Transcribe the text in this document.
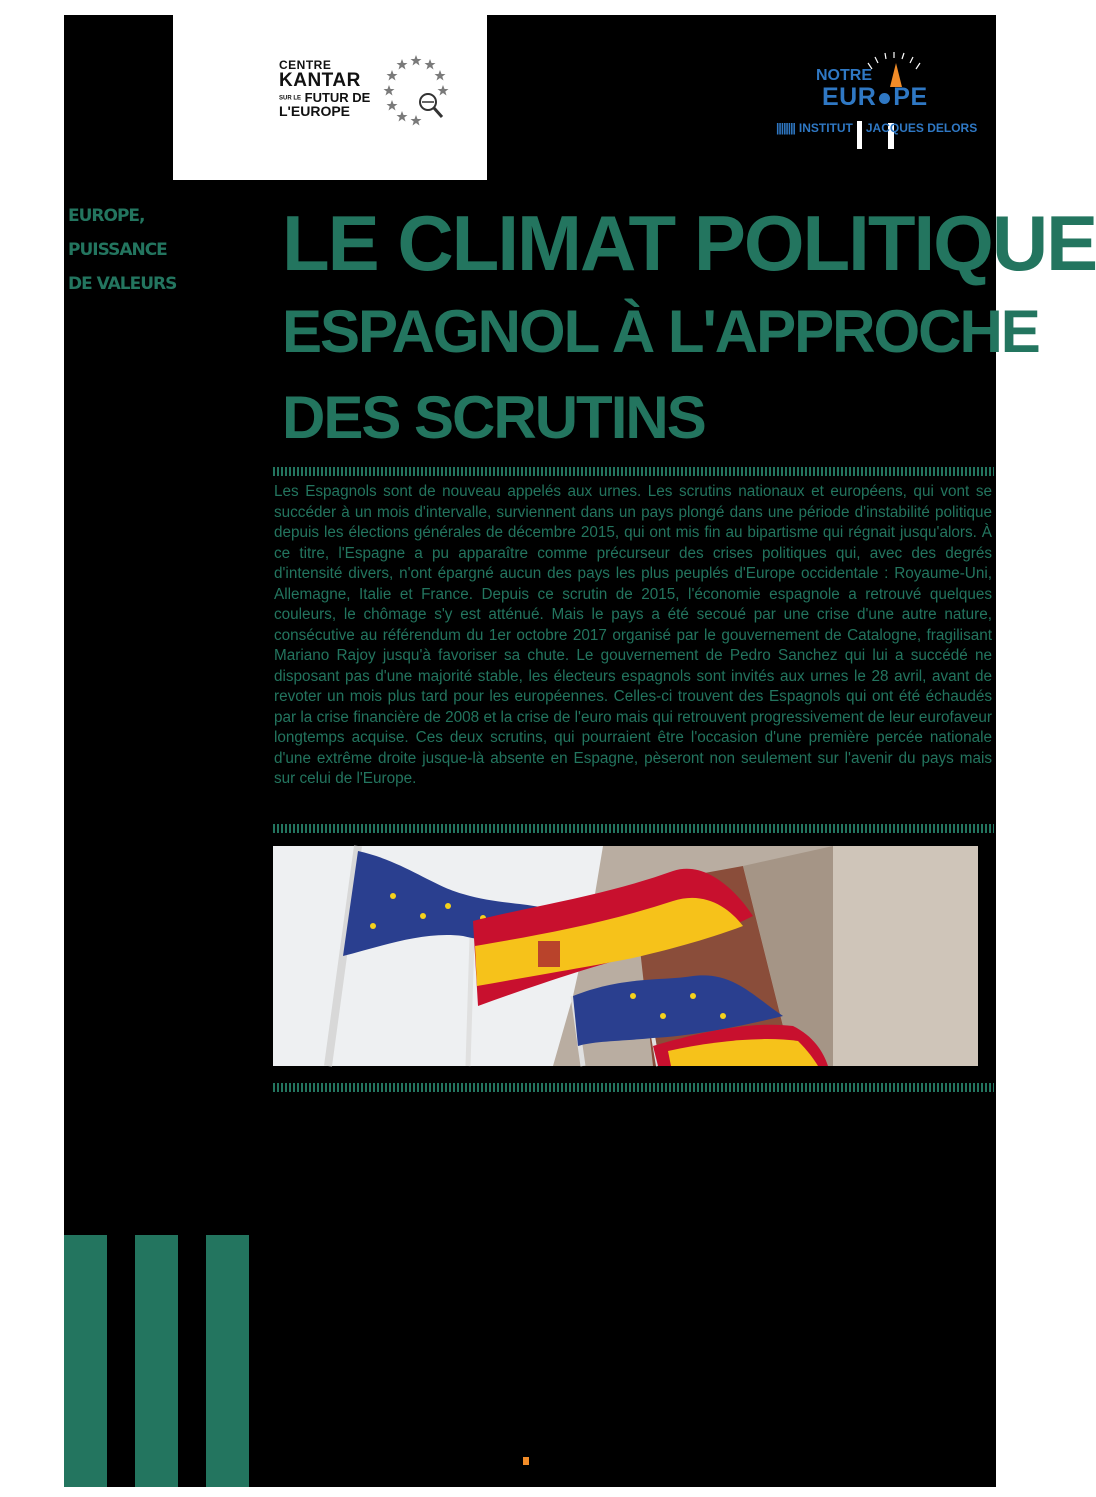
CENTRE
KANTAR
SUR LE FUTUR DE
L'EUROPE
NOTRE
EUR PE
|||||||| INSTITUT JACQUES DELORS
EUROPE, PUISSANCE
DE VALEURS	LE CLIMAT POLITIQUE
ESPAGNOL À L'APPROCHE
DES SCRUTINS
Les Espagnols sont de nouveau appelés aux urnes. Les scrutins nationaux et européens, qui vont se succéder à un mois d'intervalle, surviennent dans un pays plongé dans une période d'instabilité politique depuis les élections générales de décembre 2015, qui ont mis fin au bipartisme qui régnait jusqu'alors. À ce titre, l'Espagne a pu apparaître comme précurseur des crises politiques qui, avec des degrés d'intensité divers, n'ont épargné aucun des pays les plus peuplés d'Europe occidentale : Royaume-Uni, Allemagne, Italie et France. Depuis ce scrutin de 2015, l'économie espagnole a retrouvé quelques couleurs, le chômage s'y est atténué. Mais le pays a été secoué par une crise d'une autre nature, consécutive au référendum du 1er octobre 2017 organisé par le gouvernement de Catalogne, fragilisant Mariano Rajoy jusqu'à favoriser sa chute. Le gouvernement de Pedro Sanchez qui lui a succédé ne disposant pas d'une majorité stable, les électeurs espagnols sont invités aux urnes le 28 avril, avant de revoter un mois plus tard pour les européennes. Celles-ci trouvent des Espagnols qui ont été échaudés par la crise financière de 2008 et la crise de l'euro mais qui retrouvent progressivement de leur eurofaveur longtemps acquise. Ces deux scrutins, qui pourraient être l'occasion d'une première percée nationale d'une extrême droite jusque-là absente en Espagne, pèseront non seulement sur l'avenir du pays mais sur celui de l'Europe.
